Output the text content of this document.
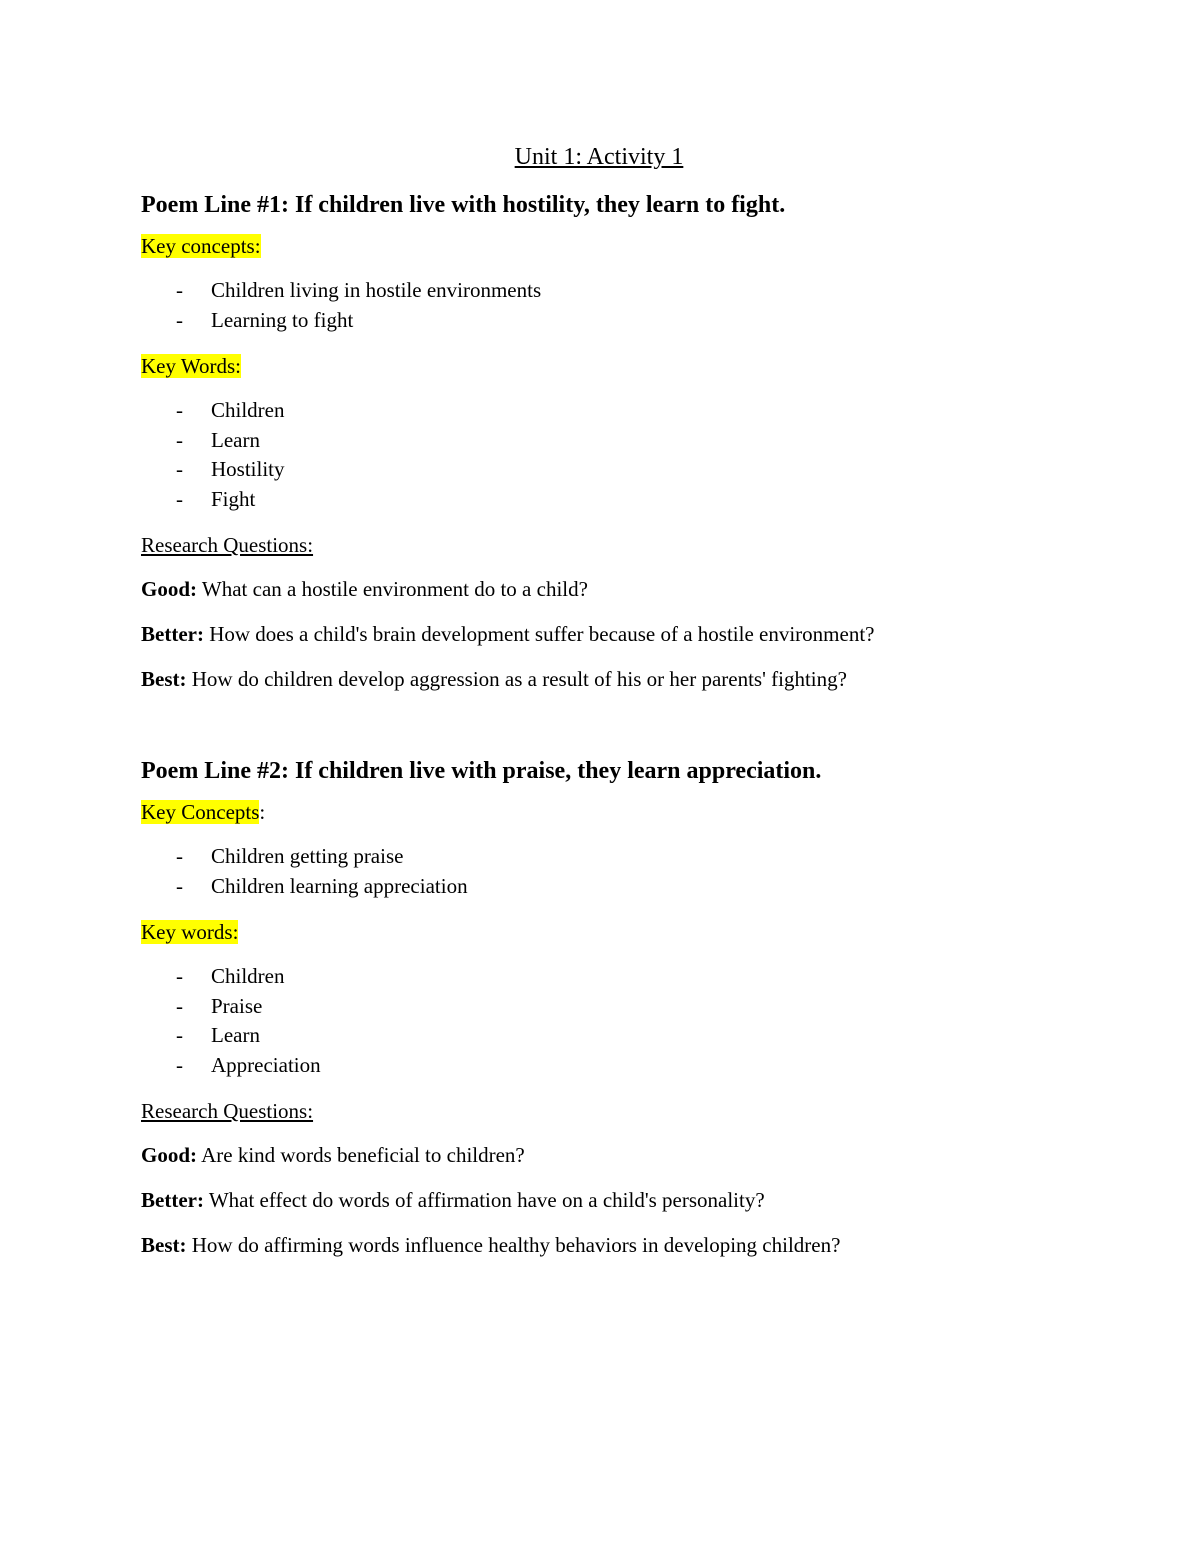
Unit 1: Activity 1
Poem Line #1: If children live with hostility, they learn to fight.
Key concepts:
- Children living in hostile environments
- Learning to fight
Key Words:
- Children
- Learn
- Hostility
- Fight
Research Questions:
Good: What can a hostile environment do to a child?
Better: How does a child's brain development suffer because of a hostile environment?
Best: How do children develop aggression as a result of his or her parents' fighting?
Poem Line #2: If children live with praise, they learn appreciation.
Key Concepts:
- Children getting praise
- Children learning appreciation
Key words:
- Children
- Praise
- Learn
- Appreciation
Research Questions:
Good: Are kind words beneficial to children?
Better: What effect do words of affirmation have on a child's personality?
Best: How do affirming words influence healthy behaviors in developing children?
